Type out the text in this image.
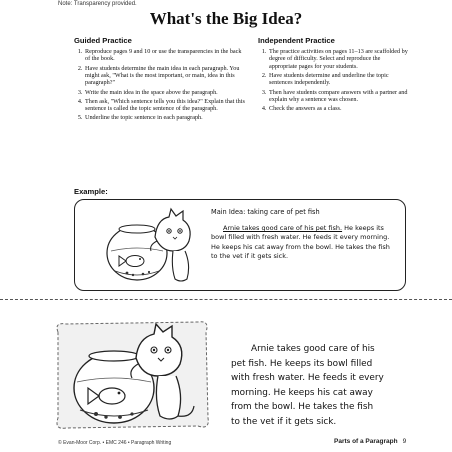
Note: Transparency provided.
What's the Big Idea?
Guided Practice
1. Reproduce pages 9 and 10 or use the transparencies in the back of the book.
2. Have students determine the main idea in each paragraph. You might ask, "What is the most important, or main, idea in this paragraph?"
3. Write the main idea in the space above the paragraph.
4. Then ask, "Which sentence tells you this idea?" Explain that this sentence is called the topic sentence of the paragraph.
5. Underline the topic sentence in each paragraph.
Independent Practice
1. The practice activities on pages 11–13 are scaffolded by degree of difficulty. Select and reproduce the appropriate pages for your students.
2. Have students determine and underline the topic sentences independently.
3. Then have students compare answers with a partner and explain why a sentence was chosen.
4. Check the answers as a class.
Example:
Main Idea: taking care of pet fish
Arnie takes good care of his pet fish. He keeps its bowl filled with fresh water. He feeds it every morning. He keeps his cat away from the bowl. He takes the fish to the vet if it gets sick.
Arnie takes good care of his
pet fish. He keeps its bowl filled
with fresh water. He feeds it every
morning. He keeps his cat away
from the bowl. He takes the fish
to the vet if it gets sick.
© Evan-Moor Corp. • EMC 246 • Paragraph Writing	Parts of a Paragraph 9
